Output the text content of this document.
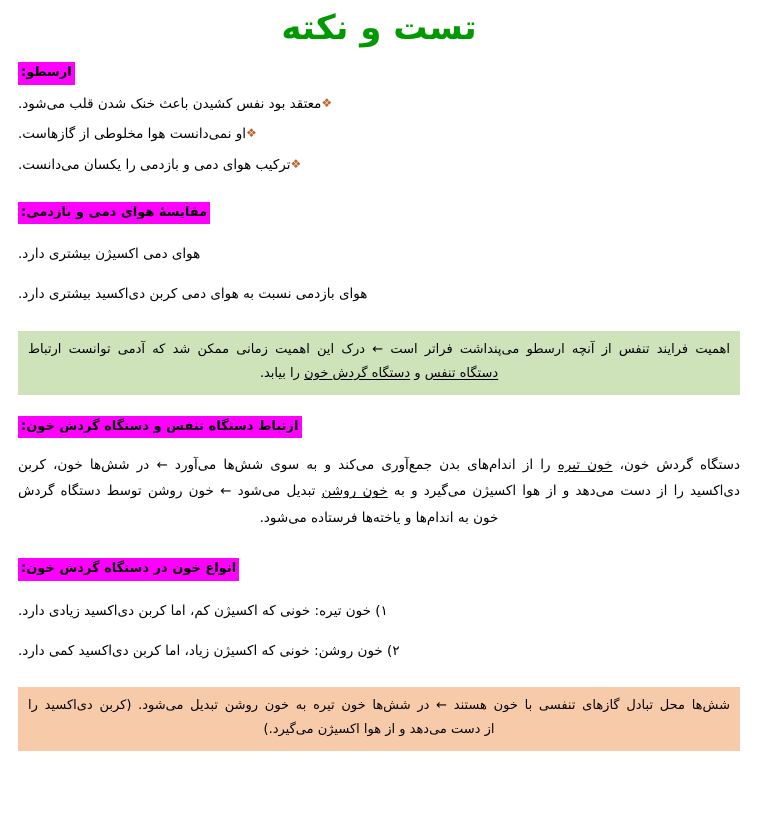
تست و نکته
ارسطو:
❖معتقد بود نفس کشیدن باعث خنک شدن قلب می‌شود.
❖او نمی‌دانست هوا مخلوطی از گازهاست.
❖ترکیب هوای دمی و بازدمی را یکسان می‌دانست.
مقایسۀ هوای دمی و بازدمی:

هوای دمی اکسیژن بیشتری دارد.

هوای بازدمی نسبت به هوای دمی کربن دی‌اکسید بیشتری دارد.

اهمیت فرایند تنفس از آنچه ارسطو می‌پنداشت فراتر است ← درک این اهمیت زمانی ممکن شد که آدمی توانست ارتباط
دستگاه تنفس و دستگاه گردش خون را بیابد.
ارتباط دستگاه تنفس و دستگاه گردش خون:
دستگاه گردش خون، خون تیره را از اندام‌های بدن جمع‌آوری می‌کند و به سوی شش‌ها می‌آورد ← در شش‌ها خون، کربن
دی‌اکسید را از دست می‌دهد و از هوا اکسیژن می‌گیرد و به خون روشن تبدیل می‌شود ← خون روشن توسط دستگاه گردش
خون به اندام‌ها و یاخته‌ها فرستاده می‌شود.
انواع خون در دستگاه گردش خون:

۱) خون تیره: خونی که اکسیژن کم، اما کربن دی‌اکسید زیادی دارد.

۲) خون روشن: خونی که اکسیژن زیاد، اما کربن دی‌اکسید کمی دارد.

شش‌ها محل تبادل گازهای تنفسی با خون هستند ← در شش‌ها خون تیره به خون روشن تبدیل می‌شود. (کربن دی‌اکسید را
از دست می‌دهد و از هوا اکسیژن می‌گیرد.)
